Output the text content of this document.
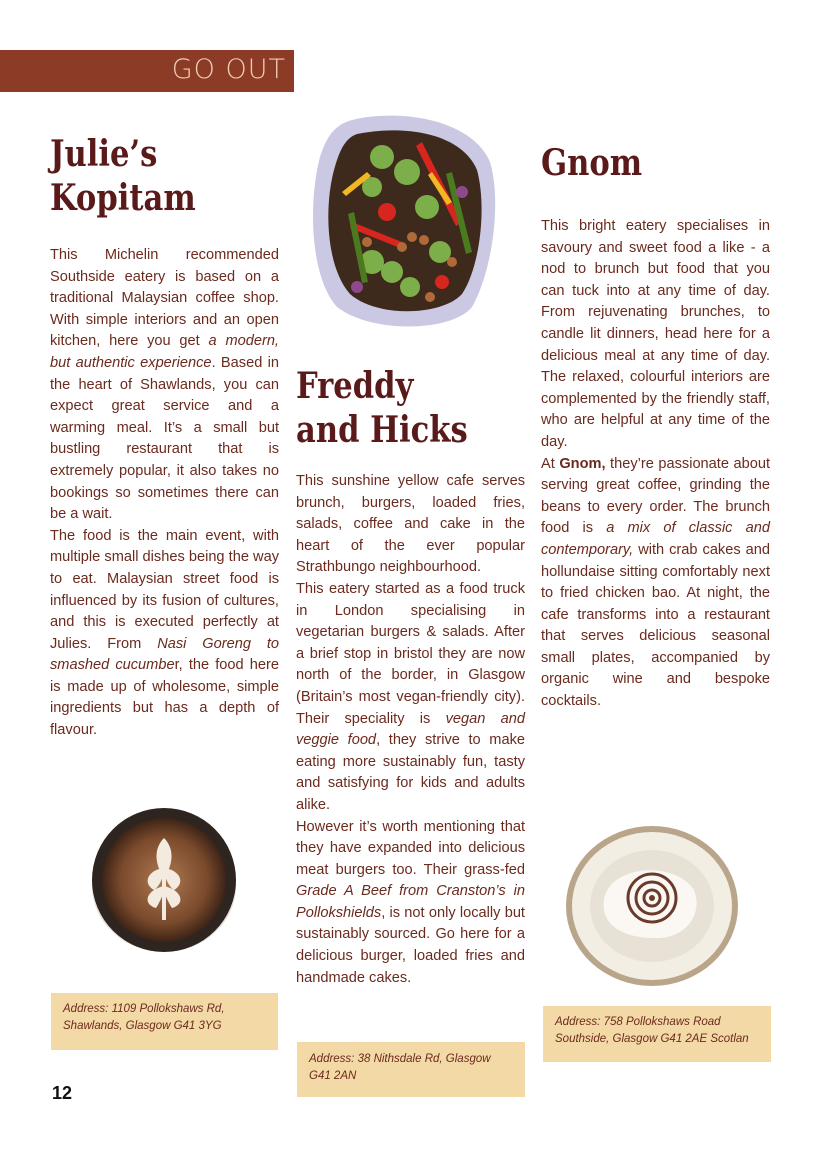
GO OUT
Julie’s
Kopitam

This Michelin recommended Southside eatery is based on a traditional Malaysian coffee shop. With simple interiors and an open kitchen, here you get a modern, but authentic experience. Based in the heart of Shawlands, you can expect great service and a warming meal. It’s a small but bustling restaurant that is extremely popular, it also takes no bookings so sometimes there can be a wait.

The food is the main event, with multiple small dishes being the way to eat. Malaysian street food is influenced by its fusion of cultures, and this is executed perfectly at Julies. From Nasi Goreng to smashed cucumber, the food here is made up of wholesome, simple ingredients but has a depth of flavour.

Address: 1109 Pollokshaws Rd, Shawlands, Glasgow G41 3YG
Freddy
and Hicks

This sunshine yellow cafe serves brunch, burgers, loaded fries, salads, coffee and cake in the heart of the ever popular Strathbungo neighbourhood.

This eatery started as a food truck in London specialising in vegetarian burgers & salads. After a brief stop in bristol they are now north of the border, in Glasgow (Britain’s most vegan-friendly city). Their speciality is vegan and veggie food, they strive to make eating more sustainably fun, tasty and satisfying for kids and adults alike.

However it’s worth mentioning that they have expanded into delicious meat burgers too. Their grass-fed Grade A Beef from Cranston’s in Pollokshields, is not only locally but sustainably sourced. Go here for a delicious burger, loaded fries and handmade cakes.

Address: 38 Nithsdale Rd, Glasgow G41 2AN
Gnom

This bright eatery specialises in savoury and sweet food a like - a nod to brunch but food that you can tuck into at any time of day. From rejuvenating brunches, to candle lit dinners, head here for a delicious meal at any time of day. The relaxed, colourful interiors are complemented by the friendly staff, who are helpful at any time of the day.

At Gnom, they’re passionate about serving great coffee, grinding the beans to every order. The brunch food is a mix of classic and contemporary, with crab cakes and hollundaise sitting comfortably next to fried chicken bao. At night, the cafe transforms into a restaurant that serves delicious seasonal small plates, accompanied by organic wine and bespoke cocktails.

Address: 758 Pollokshaws Road Southside, Glasgow G41 2AE Scotlan
12
